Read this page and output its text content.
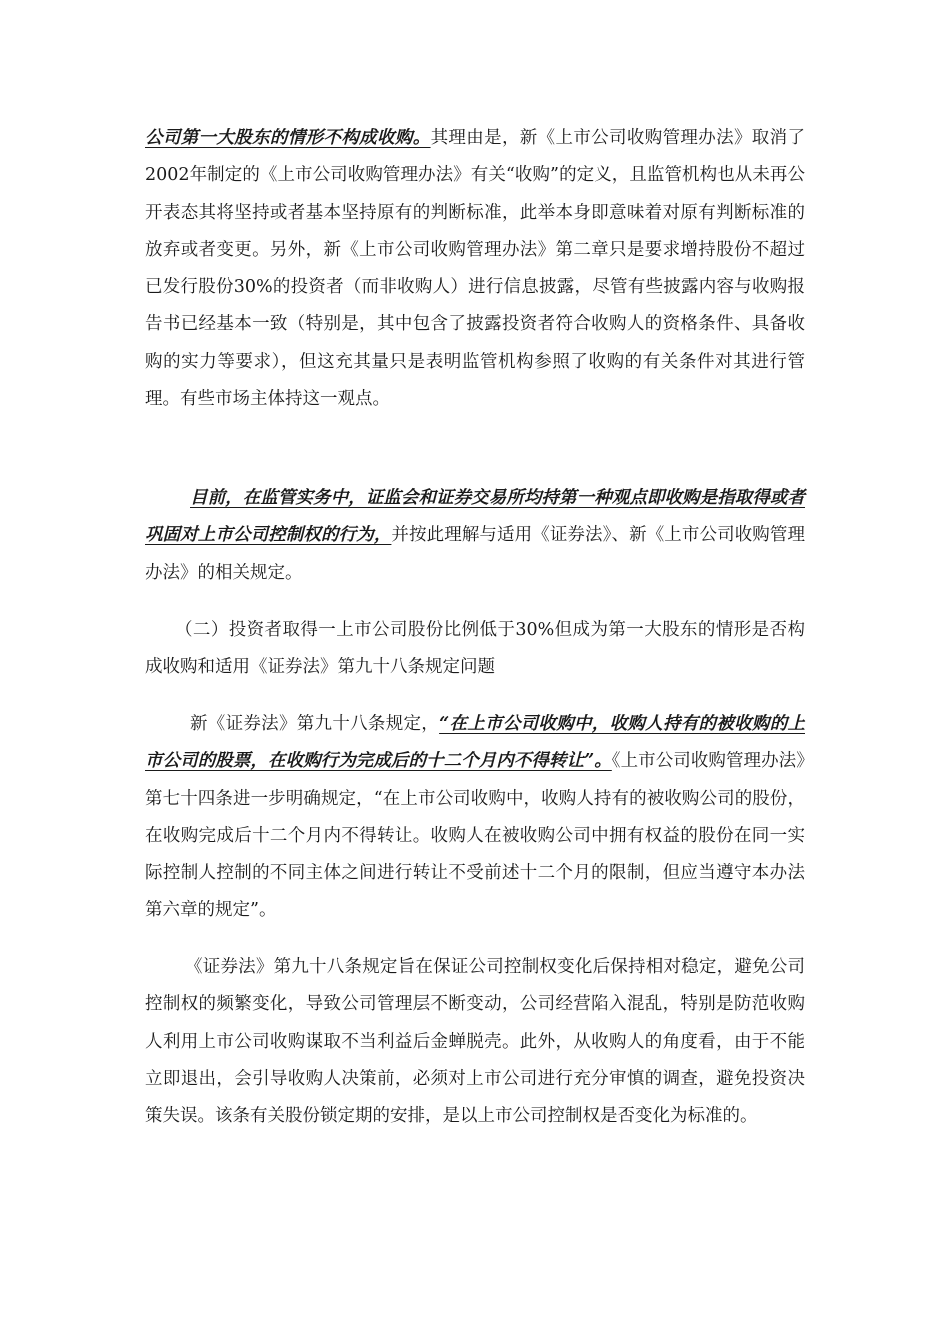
公司第一大股东的情形不构成收购。其理由是，新《上市公司收购管理办法》取消了2002年制定的《上市公司收购管理办法》有关“收购”的定义，且监管机构也从未再公开表态其将坚持或者基本坚持原有的判断标准，此举本身即意味着对原有判断标准的放弃或者变更。另外，新《上市公司收购管理办法》第二章只是要求增持股份不超过已发行股份30%的投资者（而非收购人）进行信息披露，尽管有些披露内容与收购报告书已经基本一致（特别是，其中包含了披露投资者符合收购人的资格条件、具备收购的实力等要求），但这充其量只是表明监管机构参照了收购的有关条件对其进行管理。有些市场主体持这一观点。

目前，在监管实务中，证监会和证券交易所均持第一种观点即收购是指取得或者巩固对上市公司控制权的行为，并按此理解与适用《证券法》、新《上市公司收购管理办法》的相关规定。

（二）投资者取得一上市公司股份比例低于30%但成为第一大股东的情形是否构成收购和适用《证券法》第九十八条规定问题

新《证券法》第九十八条规定，“在上市公司收购中，收购人持有的被收购的上市公司的股票，在收购行为完成后的十二个月内不得转让”。《上市公司收购管理办法》第七十四条进一步明确规定，“在上市公司收购中，收购人持有的被收购公司的股份，在收购完成后十二个月内不得转让。收购人在被收购公司中拥有权益的股份在同一实际控制人控制的不同主体之间进行转让不受前述十二个月的限制，但应当遵守本办法第六章的规定”。

《证券法》第九十八条规定旨在保证公司控制权变化后保持相对稳定，避免公司控制权的频繁变化，导致公司管理层不断变动，公司经营陷入混乱，特别是防范收购人利用上市公司收购谋取不当利益后金蝉脱壳。此外，从收购人的角度看，由于不能立即退出，会引导收购人决策前，必须对上市公司进行充分审慎的调查，避免投资决策失误。该条有关股份锁定期的安排，是以上市公司控制权是否变化为标准的。
